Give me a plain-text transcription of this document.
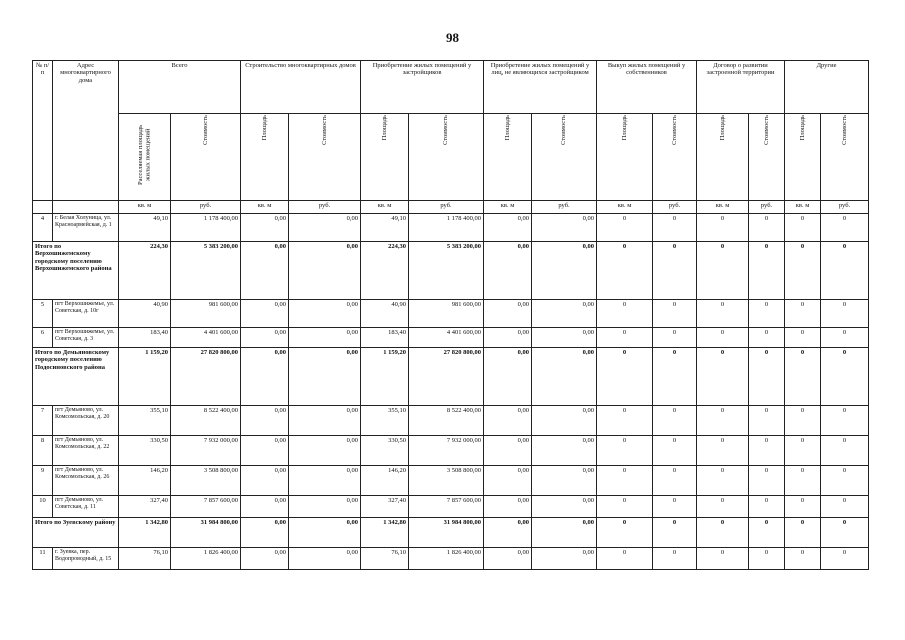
98
№ п/п	Адрес многоквартирного дома	Всего		Строительство многоквартирных домов		Приобретение жилых помещений у застройщиков		Приобретение жилых помещений у лиц, не являющихся застройщиком		Выкуп жилых помещений у собственников		Договор о развитии застроенной территории		Другие	
		Расселяемая площадь жилых помещений	Стоимость	Площадь	Стоимость	Площадь	Стоимость	Площадь	Стоимость	Площадь	Стоимость	Площадь	Стоимость	Площадь	Стоимость
		кв. м	руб.	кв. м	руб.	кв. м	руб.	кв. м	руб.	кв. м	руб.	кв. м	руб.	кв. м	руб.
4	г. Белая Холуница, ул. Красноармейская, д. 1	49,10	1 178 400,00	0,00	0,00	49,10	1 178 400,00	0,00	0,00	0	0	0	0	0	0
Итого по Верхошижемскому городскому поселению Верхошижемского района		224,30	5 383 200,00	0,00	0,00	224,30	5 383 200,00	0,00	0,00	0	0	0	0	0	0
5	пгт Верхошижемье, ул. Советская, д. 10г	40,90	981 600,00	0,00	0,00	40,90	981 600,00	0,00	0,00	0	0	0	0	0	0
6	пгт Верхошижемье, ул. Советская, д. 3	183,40	4 401 600,00	0,00	0,00	183,40	4 401 600,00	0,00	0,00	0	0	0	0	0	0
Итого по Демьяновскому городскому поселению Подосиновского района		1 159,20	27 820 800,00	0,00	0,00	1 159,20	27 820 800,00	0,00	0,00	0	0	0	0	0	0
7	пгт Демьяново, ул. Комсомольская, д. 20	355,10	8 522 400,00	0,00	0,00	355,10	8 522 400,00	0,00	0,00	0	0	0	0	0	0
8	пгт Демьяново, ул. Комсомольская, д. 22	330,50	7 932 000,00	0,00	0,00	330,50	7 932 000,00	0,00	0,00	0	0	0	0	0	0
9	пгт Демьяново, ул. Комсомольская, д. 26	146,20	3 508 800,00	0,00	0,00	146,20	3 508 800,00	0,00	0,00	0	0	0	0	0	0
10	пгт Демьяново, ул. Советская, д. 11	327,40	7 857 600,00	0,00	0,00	327,40	7 857 600,00	0,00	0,00	0	0	0	0	0	0
Итого по Зуевскому району		1 342,80	31 984 800,00	0,00	0,00	1 342,80	31 984 800,00	0,00	0,00	0	0	0	0	0	0
11	г. Зуевка, пер. Водопроводный, д. 15	76,10	1 826 400,00	0,00	0,00	76,10	1 826 400,00	0,00	0,00	0	0	0	0	0	0
